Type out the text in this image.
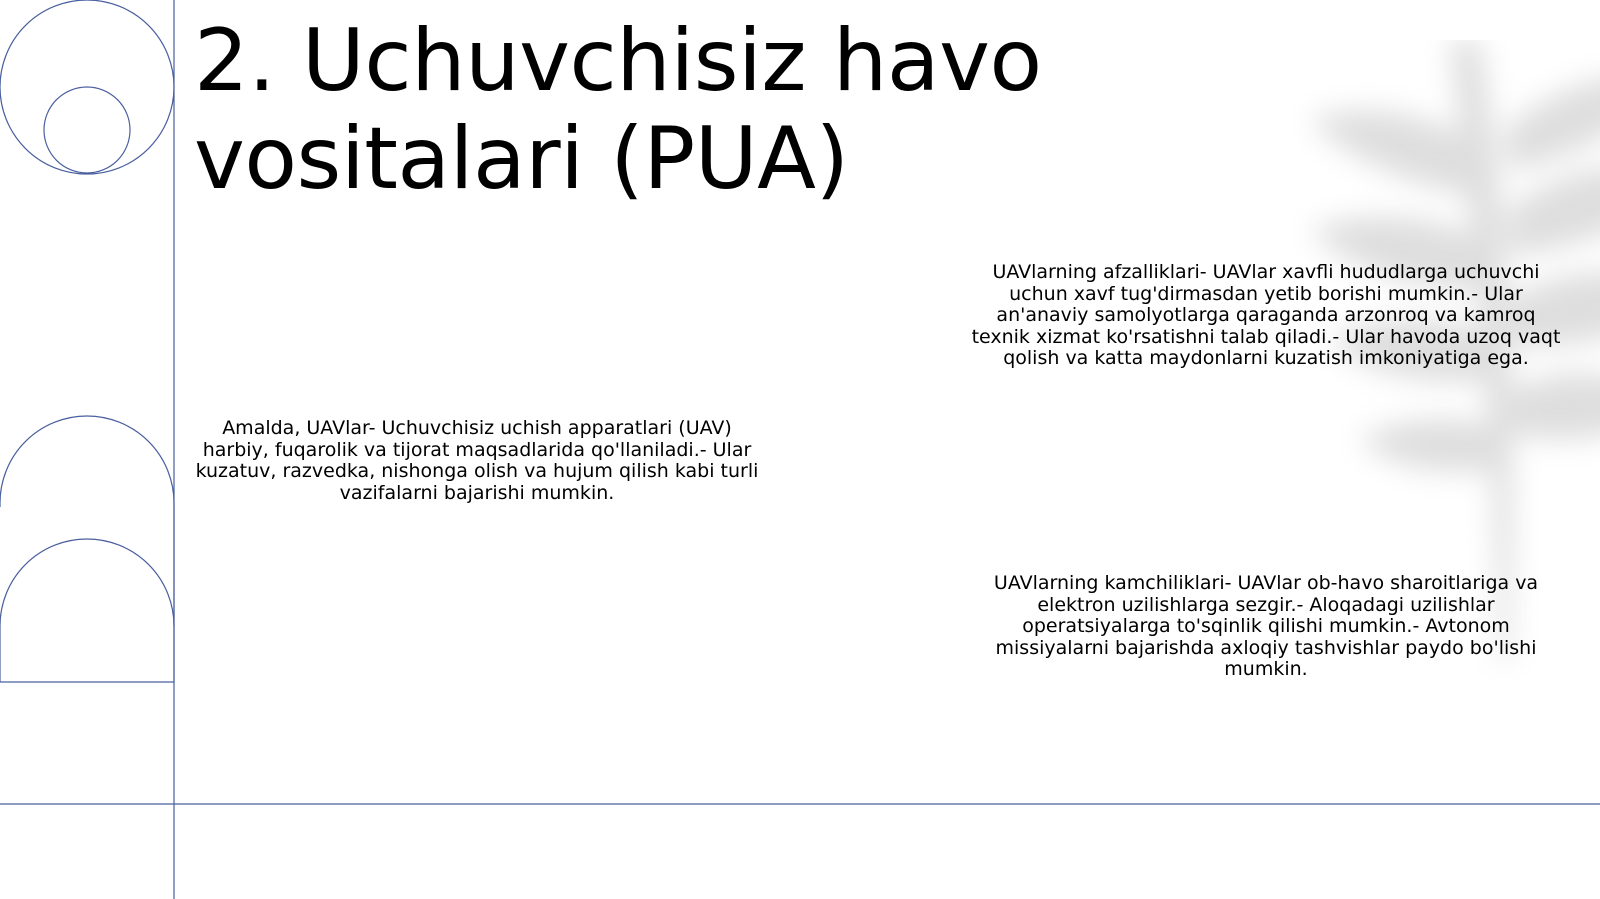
2. Uchuvchisiz havo vositalari (PUA)

Amalda, UAVlar- Uchuvchisiz uchish apparatlari (UAV) harbiy, fuqarolik va tijorat maqsadlarida qo'llaniladi.- Ular kuzatuv, razvedka, nishonga olish va hujum qilish kabi turli vazifalarni bajarishi mumkin.

UAVlarning afzalliklari- UAVlar xavfli hududlarga uchuvchi uchun xavf tug'dirmasdan yetib borishi mumkin.- Ular an'anaviy samolyotlarga qaraganda arzonroq va kamroq texnik xizmat ko'rsatishni talab qiladi.- Ular havoda uzoq vaqt qolish va katta maydonlarni kuzatish imkoniyatiga ega.

UAVlarning kamchiliklari- UAVlar ob-havo sharoitlariga va elektron uzilishlarga sezgir.- Aloqadagi uzilishlar operatsiyalarga to'sqinlik qilishi mumkin.- Avtonom missiyalarni bajarishda axloqiy tashvishlar paydo bo'lishi mumkin.
